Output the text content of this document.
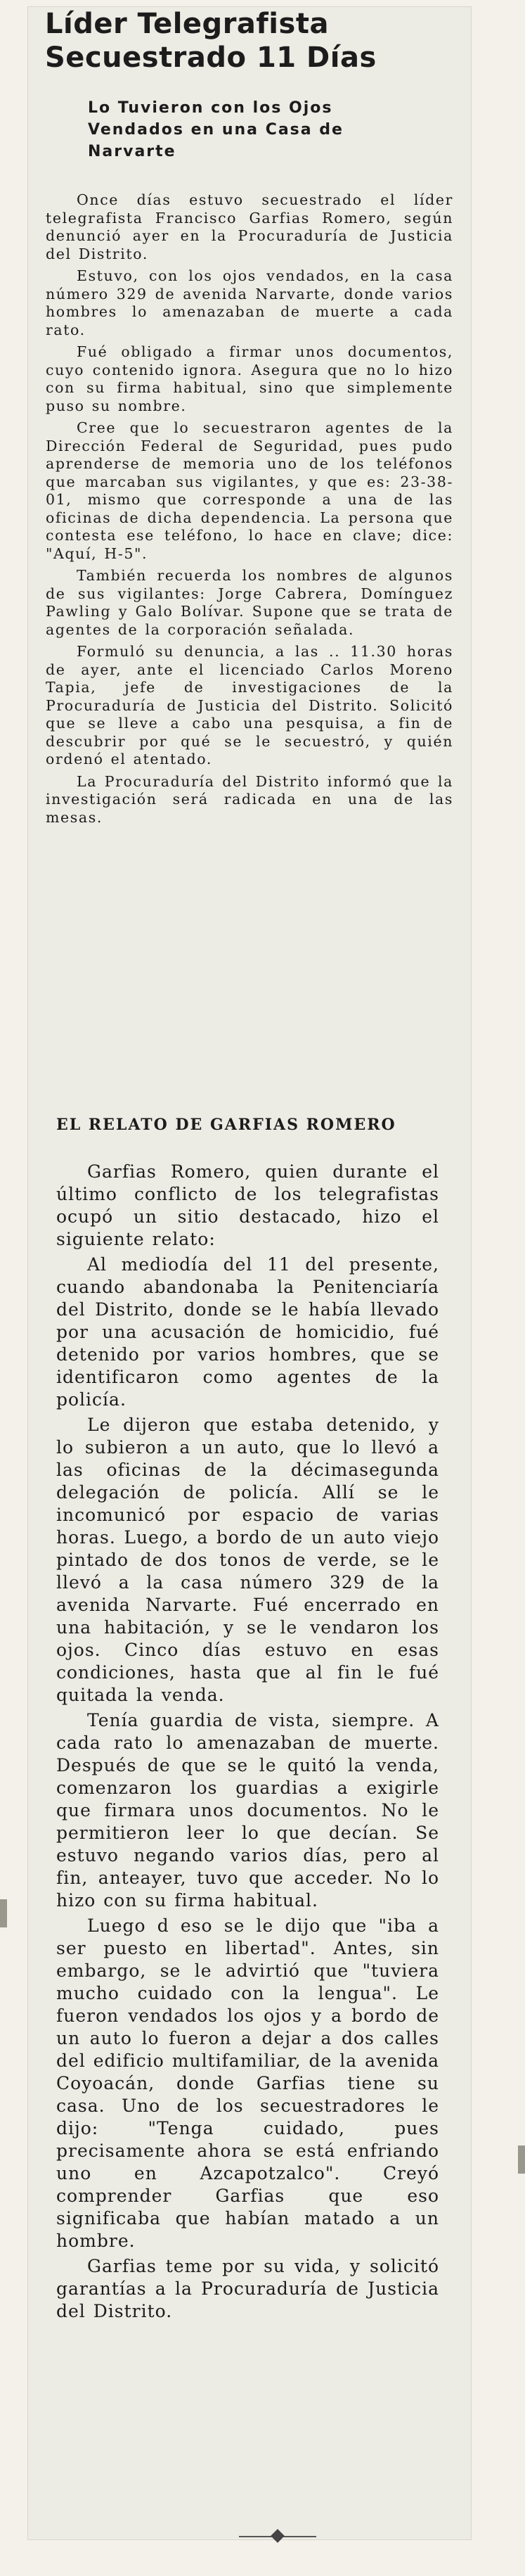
Líder Telegrafista Secuestrado 11 Días
Lo Tuvieron con los Ojos Vendados en una Casa de Narvarte

Once días estuvo secuestrado el líder telegrafista Francisco Garfias Romero, según denunció ayer en la Procuraduría de Justicia del Distrito.

Estuvo, con los ojos vendados, en la casa número 329 de avenida Narvarte, donde varios hombres lo amenazaban de muerte a cada rato.

Fué obligado a firmar unos documentos, cuyo contenido ignora. Asegura que no lo hizo con su firma habitual, sino que simplemente puso su nombre.

Cree que lo secuestraron agentes de la Dirección Federal de Seguridad, pues pudo aprenderse de memoria uno de los teléfonos que marcaban sus vigilantes, y que es: 23-38-01, mismo que corresponde a una de las oficinas de dicha dependencia. La persona que contesta ese teléfono, lo hace en clave; dice: "Aquí, H-5".

También recuerda los nombres de algunos de sus vigilantes: Jorge Cabrera, Domínguez Pawling y Galo Bolívar. Supone que se trata de agentes de la corporación señalada.

Formuló su denuncia, a las .. 11.30 horas de ayer, ante el licenciado Carlos Moreno Tapia, jefe de investigaciones de la Procuraduría de Justicia del Distrito. Solicitó que se lleve a cabo una pesquisa, a fin de descubrir por qué se le secuestró, y quién ordenó el atentado.

La Procuraduría del Distrito informó que la investigación será radicada en una de las mesas.

EL RELATO DE GARFIAS ROMERO

Garfias Romero, quien durante el último conflicto de los telegrafistas ocupó un sitio destacado, hizo el siguiente relato:

Al mediodía del 11 del presente, cuando abandonaba la Penitenciaría del Distrito, donde se le había llevado por una acusación de homicidio, fué detenido por varios hombres, que se identificaron como agentes de la policía.

Le dijeron que estaba detenido, y lo subieron a un auto, que lo llevó a las oficinas de la décimasegunda delegación de policía. Allí se le incomunicó por espacio de varias horas. Luego, a bordo de un auto viejo pintado de dos tonos de verde, se le llevó a la casa número 329 de la avenida Narvarte. Fué encerrado en una habitación, y se le vendaron los ojos. Cinco días estuvo en esas condiciones, hasta que al fin le fué quitada la venda.

Tenía guardia de vista, siempre. A cada rato lo amenazaban de muerte. Después de que se le quitó la venda, comenzaron los guardias a exigirle que firmara unos documentos. No le permitieron leer lo que decían. Se estuvo negando varios días, pero al fin, anteayer, tuvo que acceder. No lo hizo con su firma habitual.

Luego d eso se le dijo que "iba a ser puesto en libertad". Antes, sin embargo, se le advirtió que "tuviera mucho cuidado con la lengua". Le fueron vendados los ojos y a bordo de un auto lo fueron a dejar a dos calles del edificio multifamiliar, de la avenida Coyoacán, donde Garfias tiene su casa. Uno de los secuestradores le dijo: "Tenga cuidado, pues precisamente ahora se está enfriando uno en Azcapotzalco". Creyó comprender Garfias que eso significaba que habían matado a un hombre.

Garfias teme por su vida, y solicitó garantías a la Procuraduría de Justicia del Distrito.
